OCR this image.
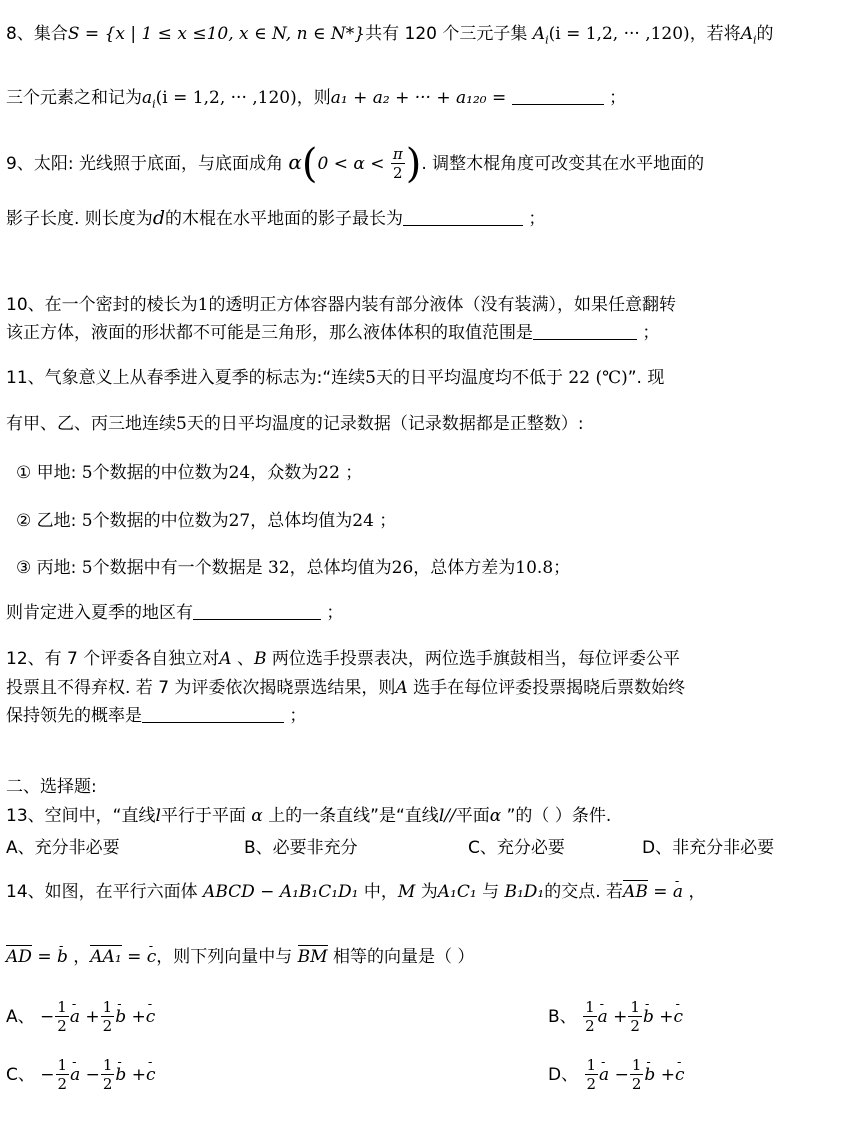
8、集合S = {x | 1 ≤ x ≤10, x ∈ N, n ∈ N*}共有 120 个三元子集 $A_i(i = 1,2$, ··· ,120)，若将$A_i$的
三个元素之和记为$a_i(i = 1,2$, ··· ,120)，则a₁ + a₂ + ··· + a₁₂₀ =	；
9、太阳: 光线照于底面，与底面成角 $\alpha(0 < \alpha < \frac{\pi}{2}$ ). 调整木棍角度可改变其在水平地面的
影子长度. 则长度为d的木棍在水平地面的影子最长为	；
10、在一个密封的棱长为1的透明正方体容器内装有部分液体（没有装满），如果任意翻转
该正方体，液面的形状都不可能是三角形，那么液体体积的取值范围是	；
11、气象意义上从春季进入夏季的标志为:“连续5天的日平均温度均不低于 22 (℃)”. 现
有甲、乙、丙三地连续5天的日平均温度的记录数据（记录数据都是正整数）:
① 甲地: 5个数据的中位数为24，众数为22 ；
② 乙地: 5个数据的中位数为27，总体均值为24 ；
③ 丙地: 5个数据中有一个数据是 32，总体均值为26，总体方差为10.8；
则肯定进入夏季的地区有	；
12、有 7 个评委各自独立对A 、B 两位选手投票表决，两位选手旗鼓相当，每位评委公平
投票且不得弃权. 若 7 为评委依次揭晓票选结果，则A 选手在每位评委投票揭晓后票数始终
保持领先的概率是	；
二、选择题:
13、空间中，“直线l平行于平面 α 上的一条直线”是“直线l//平面α ”的（ ）条件.
A、充分非必要	B、必要非充分	C、充分必要	D、非充分非必要
14、如图，在平行六面体 ABCD − A₁B₁C₁D₁ 中，M 为A₁C₁ 与 B₁D₁的交点. 若AB = - a ，
AD = - b ，AA₁ = - c，则下列向量中与 BM 相等的向量是（ ）
A、 − $\frac{1}{2}$
- $a + \frac{1}{2}$
- b +- c	B、 $\frac{1}{2}$
- $a + \frac{1}{2}$
- b +- c
C、 − $\frac{1}{2}$
- $a - \frac{1}{2}$
- b +- c	D、 $\frac{1}{2}$
- $a - \frac{1}{2}$
- b +- c
